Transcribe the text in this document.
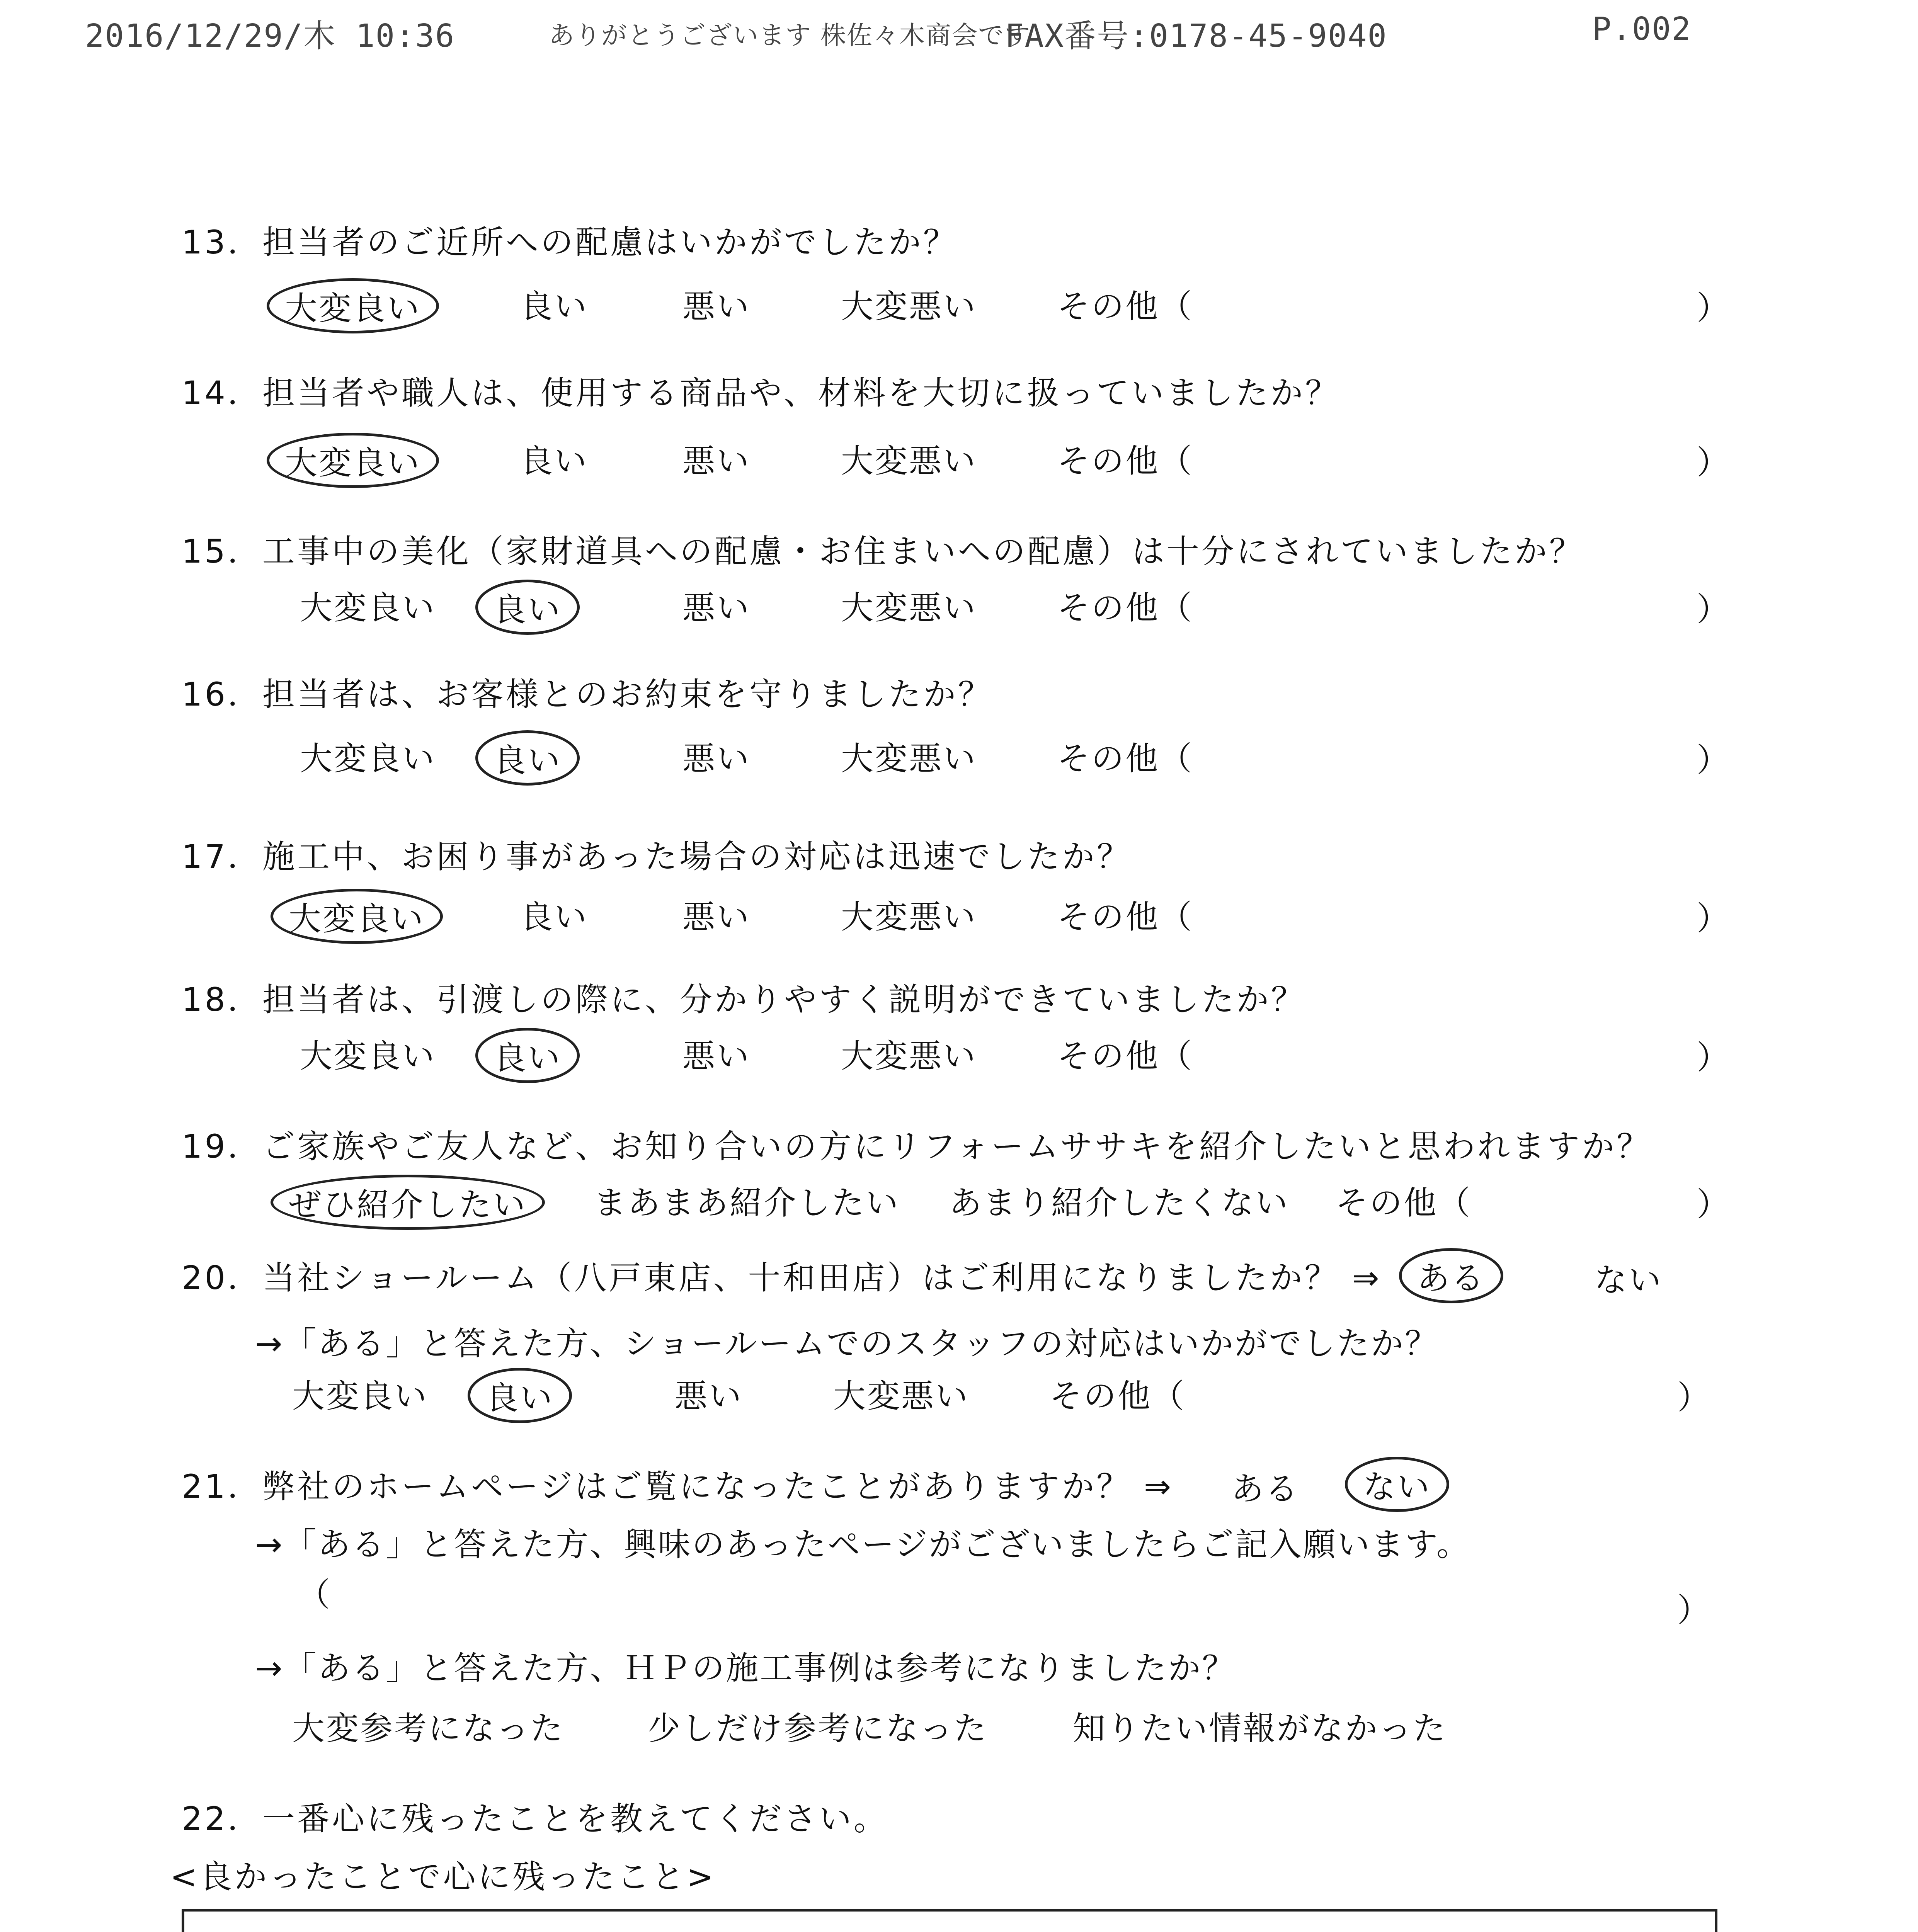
2016/12/29/木 10:36	ありがとうございます 株佐々木商会です
FAX番号:0178-45-9040	P.002
13．担当者のご近所への配慮はいかがでしたか？
大変良い	良い	悪い	大変悪い	その他（	）
14．担当者や職人は、使用する商品や、材料を大切に扱っていましたか？
大変良い	良い	悪い	大変悪い	その他（	）
15．工事中の美化（家財道具への配慮・お住まいへの配慮）は十分にされていましたか？
大変良い	良い	悪い	大変悪い	その他（	）
16．担当者は、お客様とのお約束を守りましたか？
大変良い	良い	悪い	大変悪い	その他（	）
17．施工中、お困り事があった場合の対応は迅速でしたか？
大変良い	良い	悪い	大変悪い	その他（	）
18．担当者は、引渡しの際に、分かりやすく説明ができていましたか？
大変良い	良い	悪い	大変悪い	その他（	）
19．ご家族やご友人など、お知り合いの方にリフォームササキを紹介したいと思われますか？
ぜひ紹介したい	まあまあ紹介したい	あまり紹介したくない	その他（	）
20．当社ショールーム（八戸東店、十和田店）はご利用になりましたか？ ⇒	ある	ない
→「ある」と答えた方、ショールームでのスタッフの対応はいかがでしたか？
大変良い	良い	悪い	大変悪い	その他（	）
21．弊社のホームページはご覧になったことがありますか？ ⇒	ある	ない
→「ある」と答えた方、興味のあったページがございましたらご記入願います。
（	）
→「ある」と答えた方、ＨＰの施工事例は参考になりましたか？
大変参考になった	少しだけ参考になった	知りたい情報がなかった
22．一番心に残ったことを教えてください。
<良かったことで心に残ったこと>
